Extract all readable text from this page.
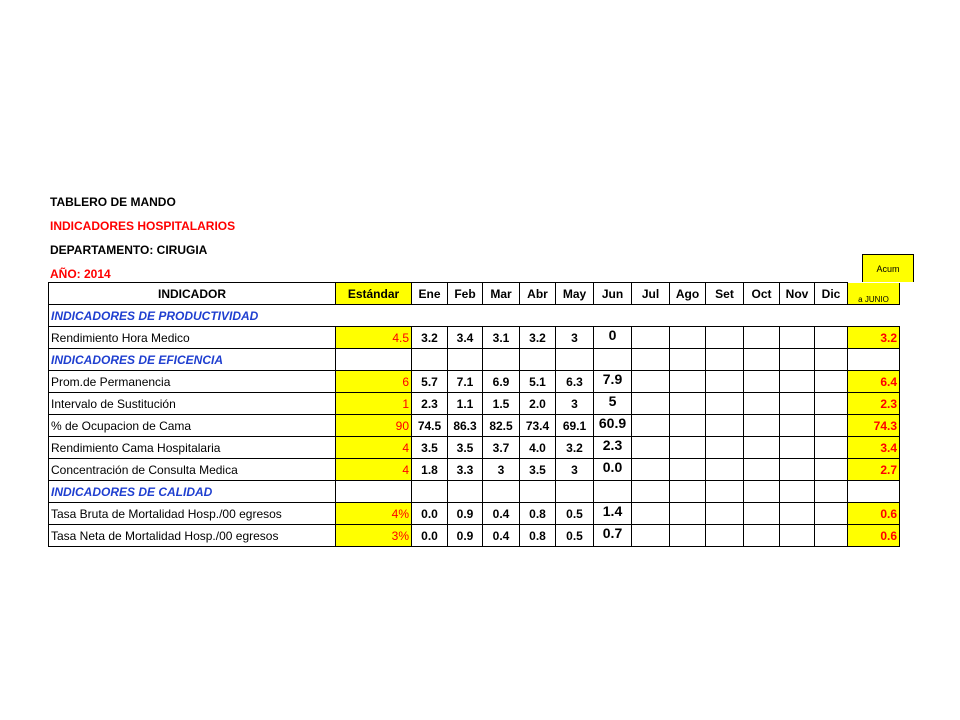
TABLERO DE MANDO
INDICADORES HOSPITALARIOS
DEPARTAMENTO: CIRUGIA
AÑO: 2014	Acum
INDICADOR	Estándar	Ene	Feb	Mar	Abr	May	Jun	Jul	Ago	Set	Oct	Nov	Dic	a JUNIO
INDICADORES DE PRODUCTIVIDAD														
Rendimiento Hora Medico	4.5	3.2	3.4	3.1	3.2	3	0							3.2
INDICADORES DE EFICENCIA														
Prom.de Permanencia	6	5.7	7.1	6.9	5.1	6.3	7.9							6.4
Intervalo de Sustitución	1	2.3	1.1	1.5	2.0	3	5							2.3
% de Ocupacion de Cama	90	74.5	86.3	82.5	73.4	69.1	60.9							74.3
Rendimiento Cama Hospitalaria	4	3.5	3.5	3.7	4.0	3.2	2.3							3.4
Concentración de Consulta Medica	4	1.8	3.3	3	3.5	3	0.0							2.7
INDICADORES DE CALIDAD														
Tasa Bruta de Mortalidad Hosp./00 egresos	4%	0.0	0.9	0.4	0.8	0.5	1.4							0.6
Tasa Neta de Mortalidad Hosp./00 egresos	3%	0.0	0.9	0.4	0.8	0.5	0.7							0.6
